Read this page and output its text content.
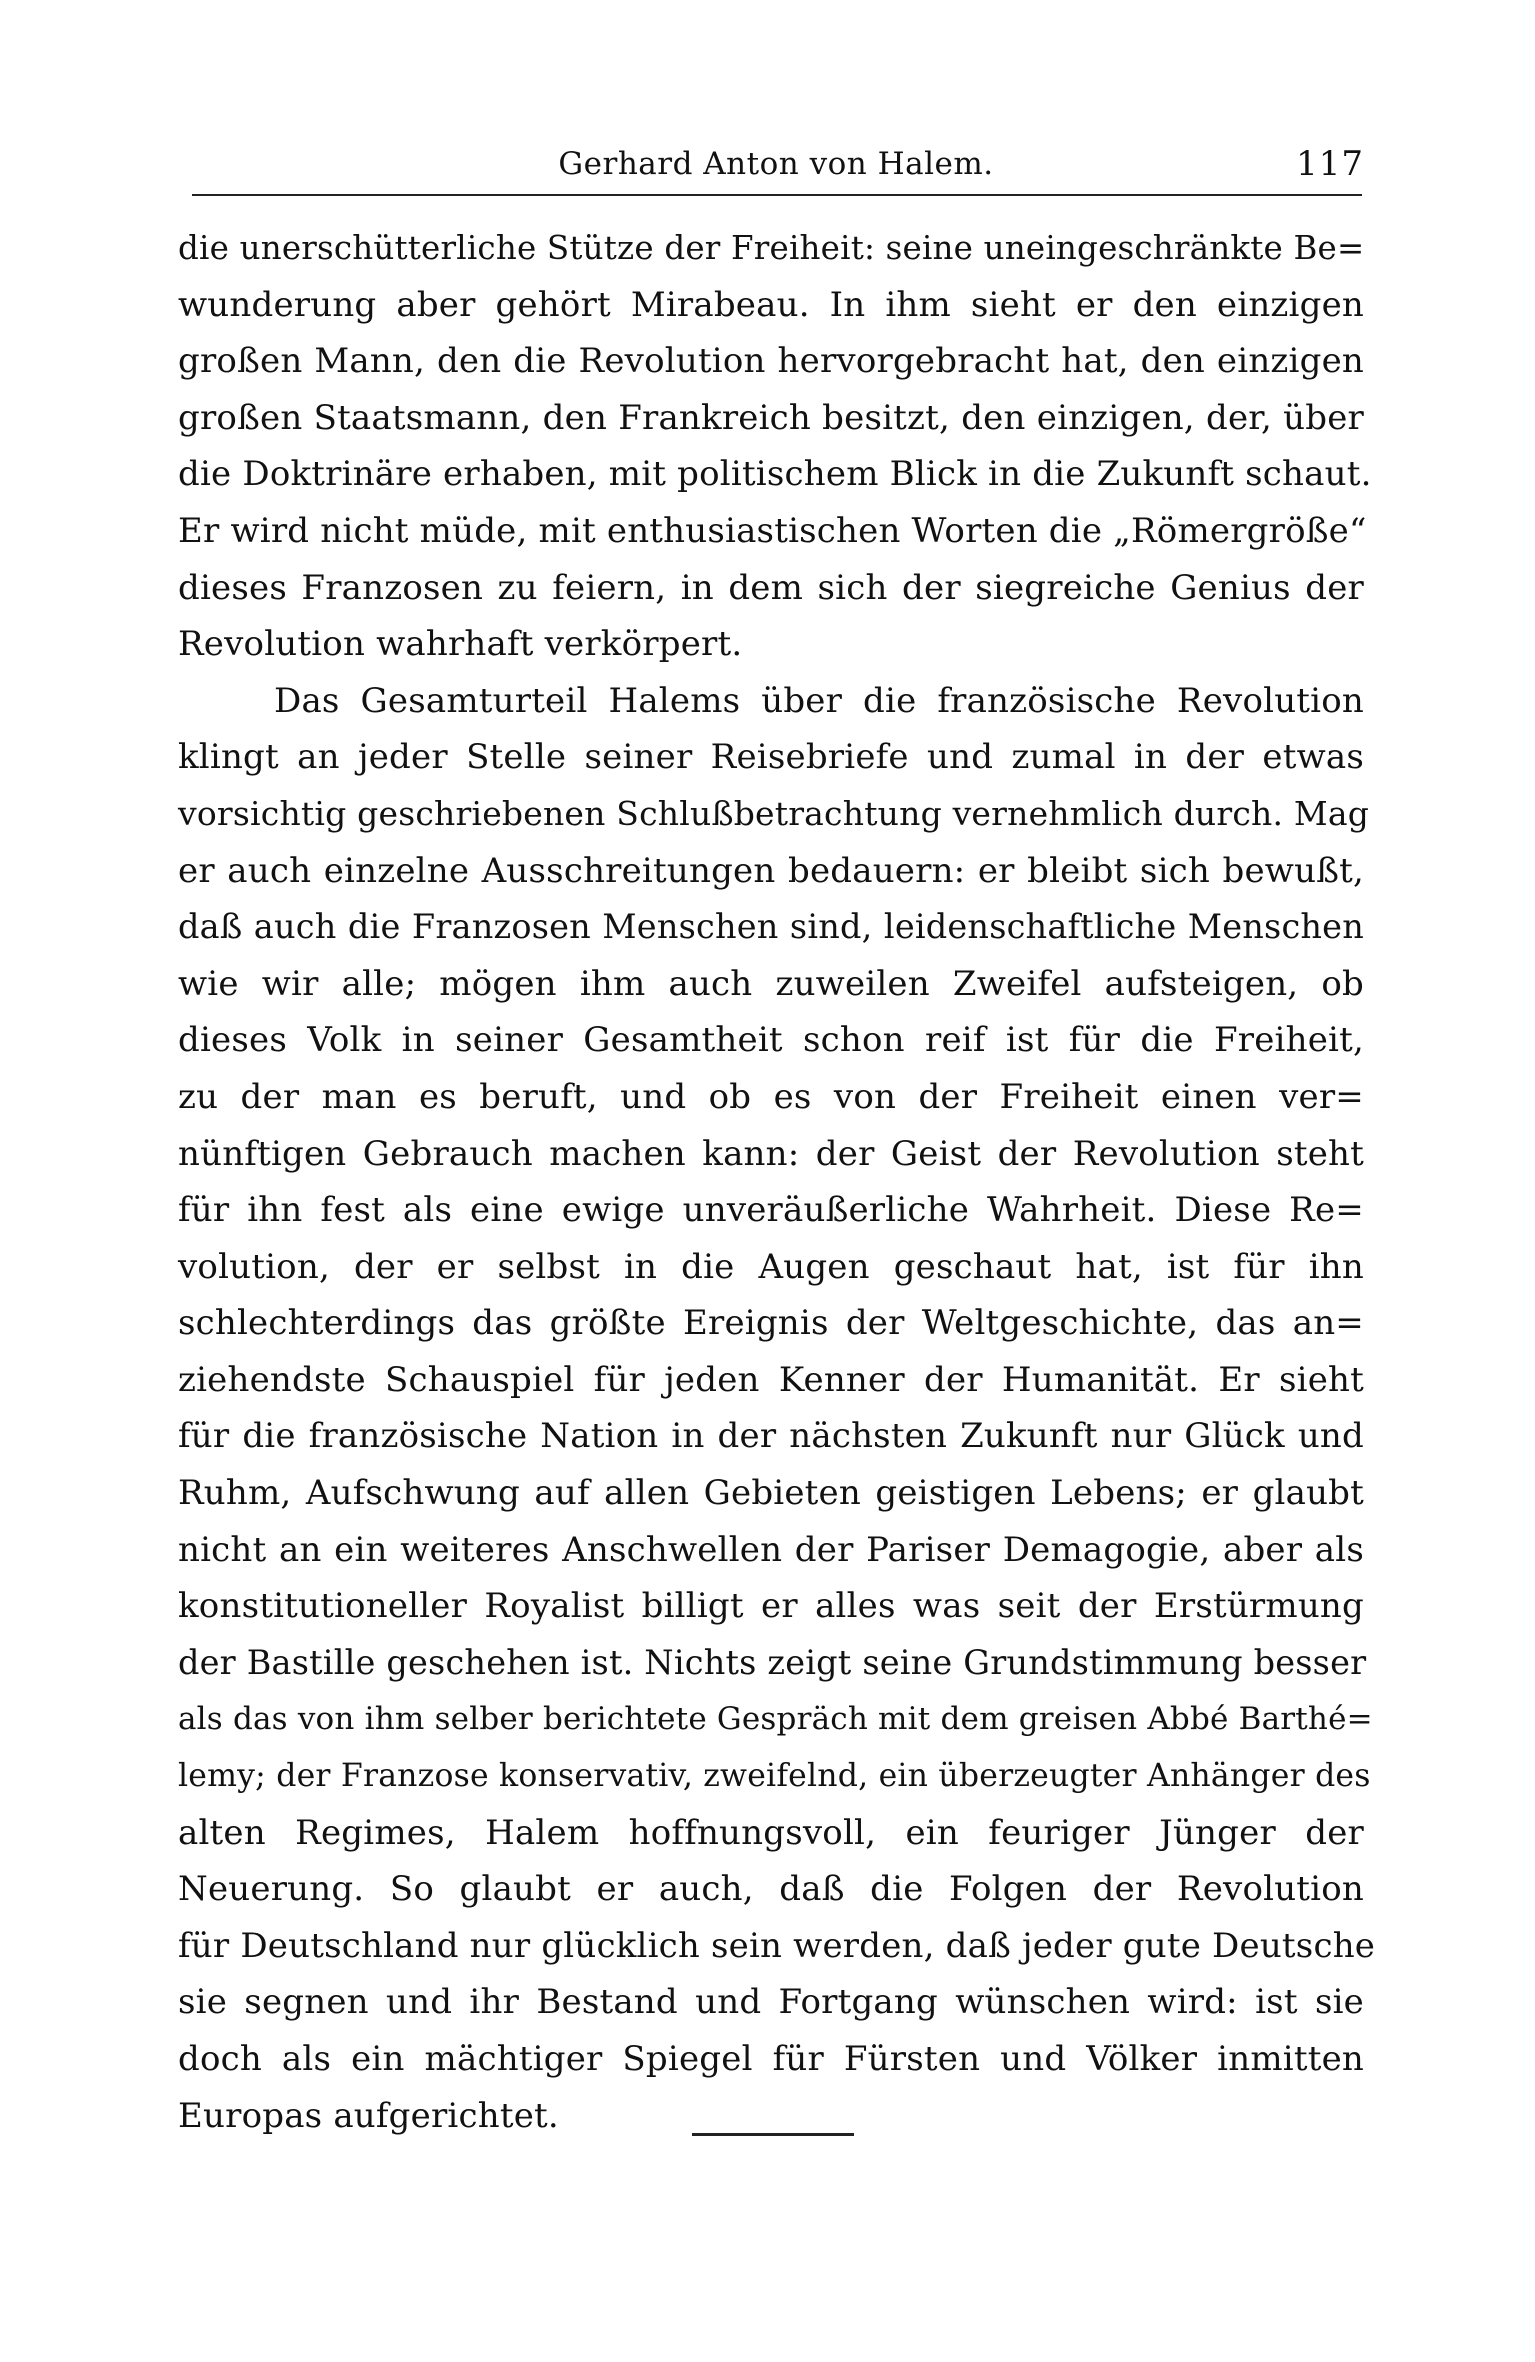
Gerhard Anton von Halem.	117
die unerschütterliche Stütze der Freiheit: seine uneingeschränkte Be=
wunderung aber gehört Mirabeau. In ihm sieht er den einzigen
großen Mann, den die Revolution hervorgebracht hat, den einzigen
großen Staatsmann, den Frankreich besitzt, den einzigen, der, über
die Doktrinäre erhaben, mit politischem Blick in die Zukunft schaut.
Er wird nicht müde, mit enthusiastischen Worten die „Römergröße“
dieses Franzosen zu feiern, in dem sich der siegreiche Genius der
Revolution wahrhaft verkörpert.
Das Gesamturteil Halems über die französische Revolution
klingt an jeder Stelle seiner Reisebriefe und zumal in der etwas
vorsichtig geschriebenen Schlußbetrachtung vernehmlich durch. Mag
er auch einzelne Ausschreitungen bedauern: er bleibt sich bewußt,
daß auch die Franzosen Menschen sind, leidenschaftliche Menschen
wie wir alle; mögen ihm auch zuweilen Zweifel aufsteigen, ob
dieses Volk in seiner Gesamtheit schon reif ist für die Freiheit,
zu der man es beruft, und ob es von der Freiheit einen ver=
nünftigen Gebrauch machen kann: der Geist der Revolution steht
für ihn fest als eine ewige unveräußerliche Wahrheit. Diese Re=
volution, der er selbst in die Augen geschaut hat, ist für ihn
schlechterdings das größte Ereignis der Weltgeschichte, das an=
ziehendste Schauspiel für jeden Kenner der Humanität. Er sieht
für die französische Nation in der nächsten Zukunft nur Glück und
Ruhm, Aufschwung auf allen Gebieten geistigen Lebens; er glaubt
nicht an ein weiteres Anschwellen der Pariser Demagogie, aber als
konstitutioneller Royalist billigt er alles was seit der Erstürmung
der Bastille geschehen ist. Nichts zeigt seine Grundstimmung besser
als das von ihm selber berichtete Gespräch mit dem greisen Abbé Barthé=
lemy; der Franzose konservativ, zweifelnd, ein überzeugter Anhänger des
alten Regimes, Halem hoffnungsvoll, ein feuriger Jünger der
Neuerung. So glaubt er auch, daß die Folgen der Revolution
für Deutschland nur glücklich sein werden, daß jeder gute Deutsche
sie segnen und ihr Bestand und Fortgang wünschen wird: ist sie
doch als ein mächtiger Spiegel für Fürsten und Völker inmitten
Europas aufgerichtet.
